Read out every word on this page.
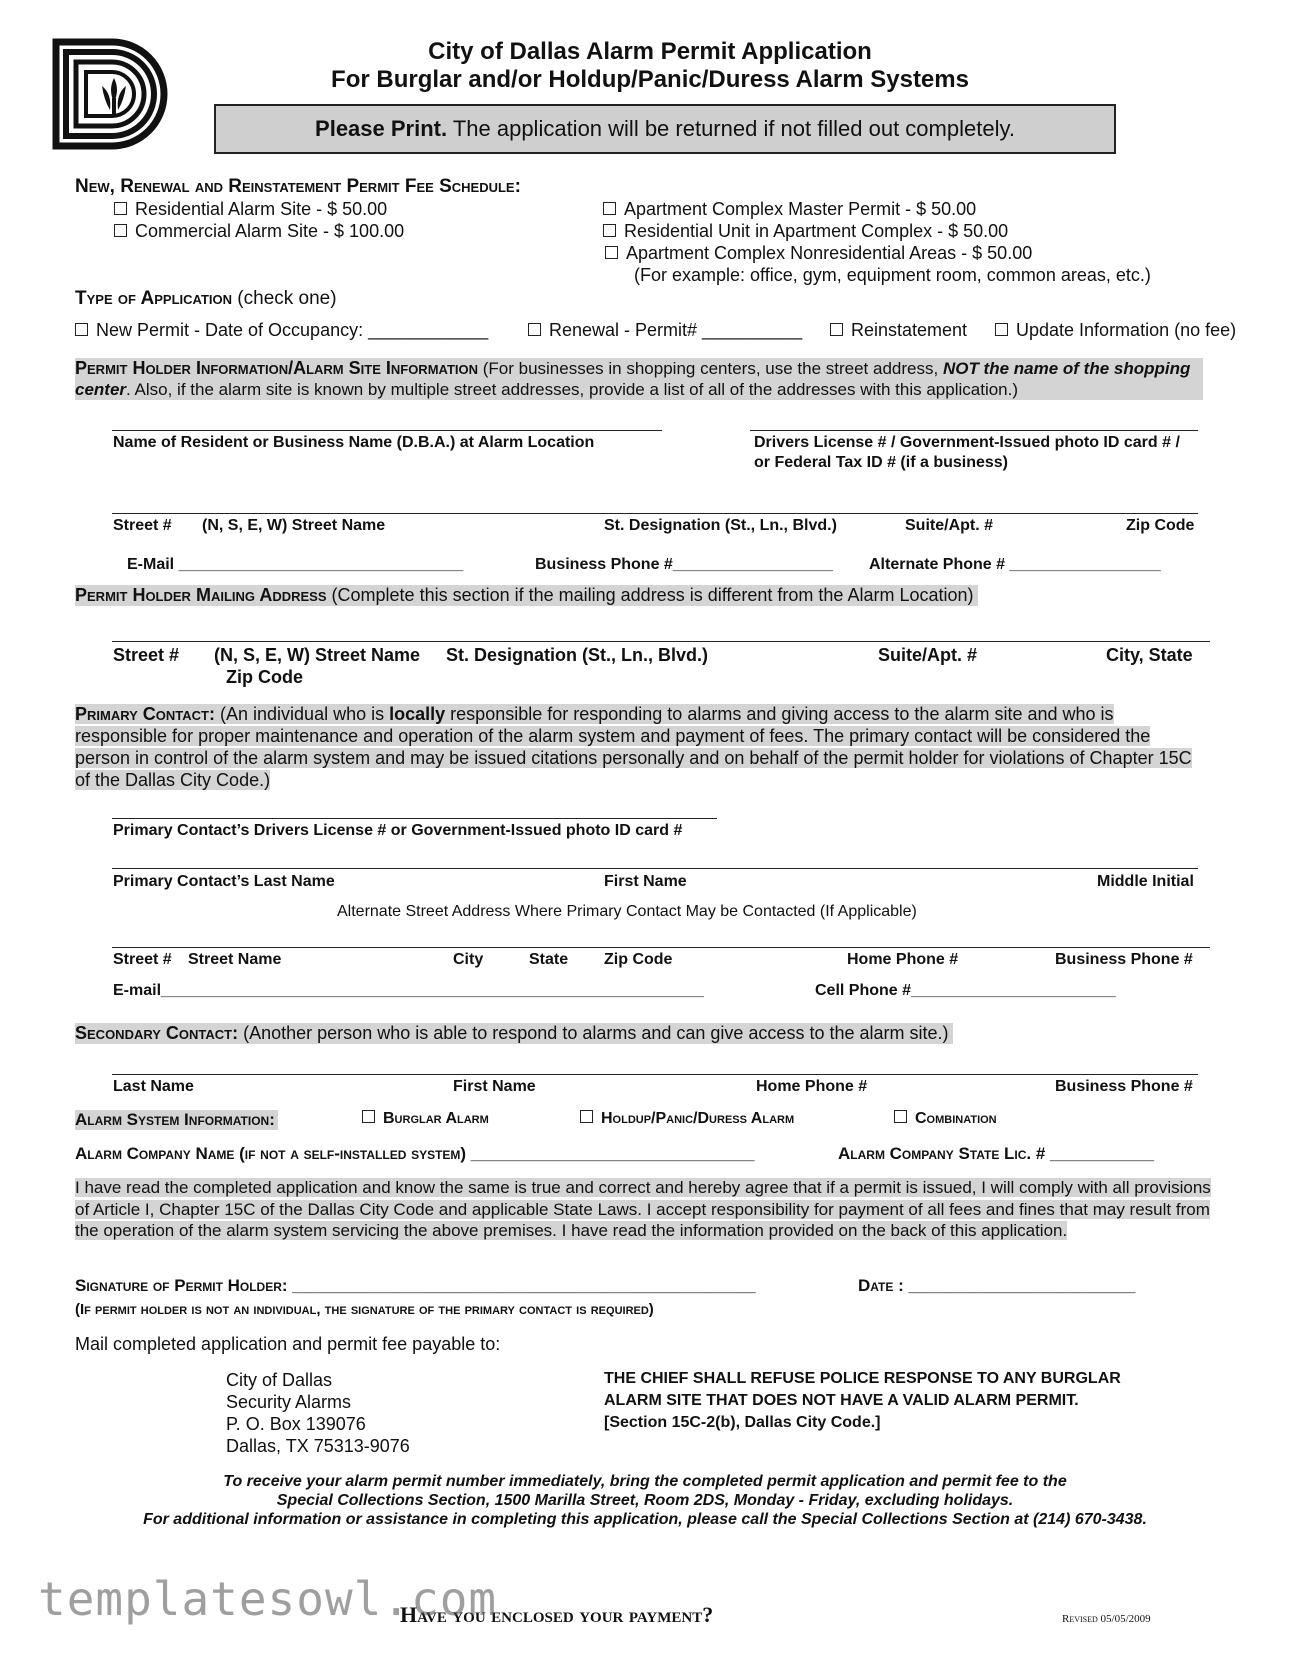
City of Dallas Alarm Permit Application
For Burglar and/or Holdup/Panic/Duress Alarm Systems
Please Print. The application will be returned if not filled out completely.
New, Renewal and Reinstatement Permit Fee Schedule:
Residential Alarm Site - $ 50.00
Commercial Alarm Site - $ 100.00
Apartment Complex Master Permit - $ 50.00
Residential Unit in Apartment Complex - $ 50.00
Apartment Complex Nonresidential Areas - $ 50.00
(For example: office, gym, equipment room, common areas, etc.)
Type of Application (check one)
New Permit - Date of Occupancy: ____________	Renewal - Permit# __________	Reinstatement	Update Information (no fee)
Permit Holder Information/Alarm Site Information (For businesses in shopping centers, use the street address, NOT the name of the shopping center. Also, if the alarm site is known by multiple street addresses, provide a list of all of the addresses with this application.)
Name of Resident or Business Name (D.B.A.) at Alarm Location	Drivers License # / Government-Issued photo ID card # /
or Federal Tax ID # (if a business)
Street # (N, S, E, W) Street Name	St. Designation (St., Ln., Blvd.)	Suite/Apt. #	Zip Code
E-Mail ________________________________	Business Phone #__________________ Alternate Phone # _________________
Permit Holder Mailing Address (Complete this section if the mailing address is different from the Alarm Location)
Street # (N, S, E, W) Street Name St. Designation (St., Ln., Blvd.)	Suite/Apt. #	City, State
Zip Code
Primary Contact: (An individual who is locally responsible for responding to alarms and giving access to the alarm site and who is responsible for proper maintenance and operation of the alarm system and payment of fees. The primary contact will be considered the person in control of the alarm system and may be issued citations personally and on behalf of the permit holder for violations of Chapter 15C of the Dallas City Code.)
Primary Contact’s Drivers License # or Government-Issued photo ID card #
Primary Contact’s Last Name	First Name	Middle Initial
Alternate Street Address Where Primary Contact May be Contacted (If Applicable)
Street # Street Name	City	State Zip Code	Home Phone #	Business Phone #
E-mail_____________________________________________________________	Cell Phone #_______________________
Secondary Contact: (Another person who is able to respond to alarms and can give access to the alarm site.)
Last Name	First Name	Home Phone #	Business Phone #
Alarm System Information:	Burglar Alarm	Holdup/Panic/Duress Alarm	Combination
Alarm Company Name (if not a self-installed system) ______________________________	Alarm Company State Lic. # ___________
I have read the completed application and know the same is true and correct and hereby agree that if a permit is issued, I will comply with all provisions of Article I, Chapter 15C of the Dallas City Code and applicable State Laws. I accept responsibility for payment of all fees and fines that may result from the operation of the alarm system servicing the above premises. I have read the information provided on the back of this application.
Signature of Permit Holder: _________________________________________________	Date : ________________________
(If permit holder is not an individual, the signature of the primary contact is required)
Mail completed application and permit fee payable to:
City of Dallas
Security Alarms
P. O. Box 139076
Dallas, TX 75313-9076
THE CHIEF SHALL REFUSE POLICE RESPONSE TO ANY BURGLAR
ALARM SITE THAT DOES NOT HAVE A VALID ALARM PERMIT.
[Section 15C-2(b), Dallas City Code.]
To receive your alarm permit number immediately, bring the completed permit application and permit fee to the
Special Collections Section, 1500 Marilla Street, Room 2DS, Monday - Friday, excluding holidays.
For additional information or assistance in completing this application, please call the Special Collections Section at (214) 670-3438.
Have you enclosed your payment?	Revised 05/05/2009
templatesowl.com
